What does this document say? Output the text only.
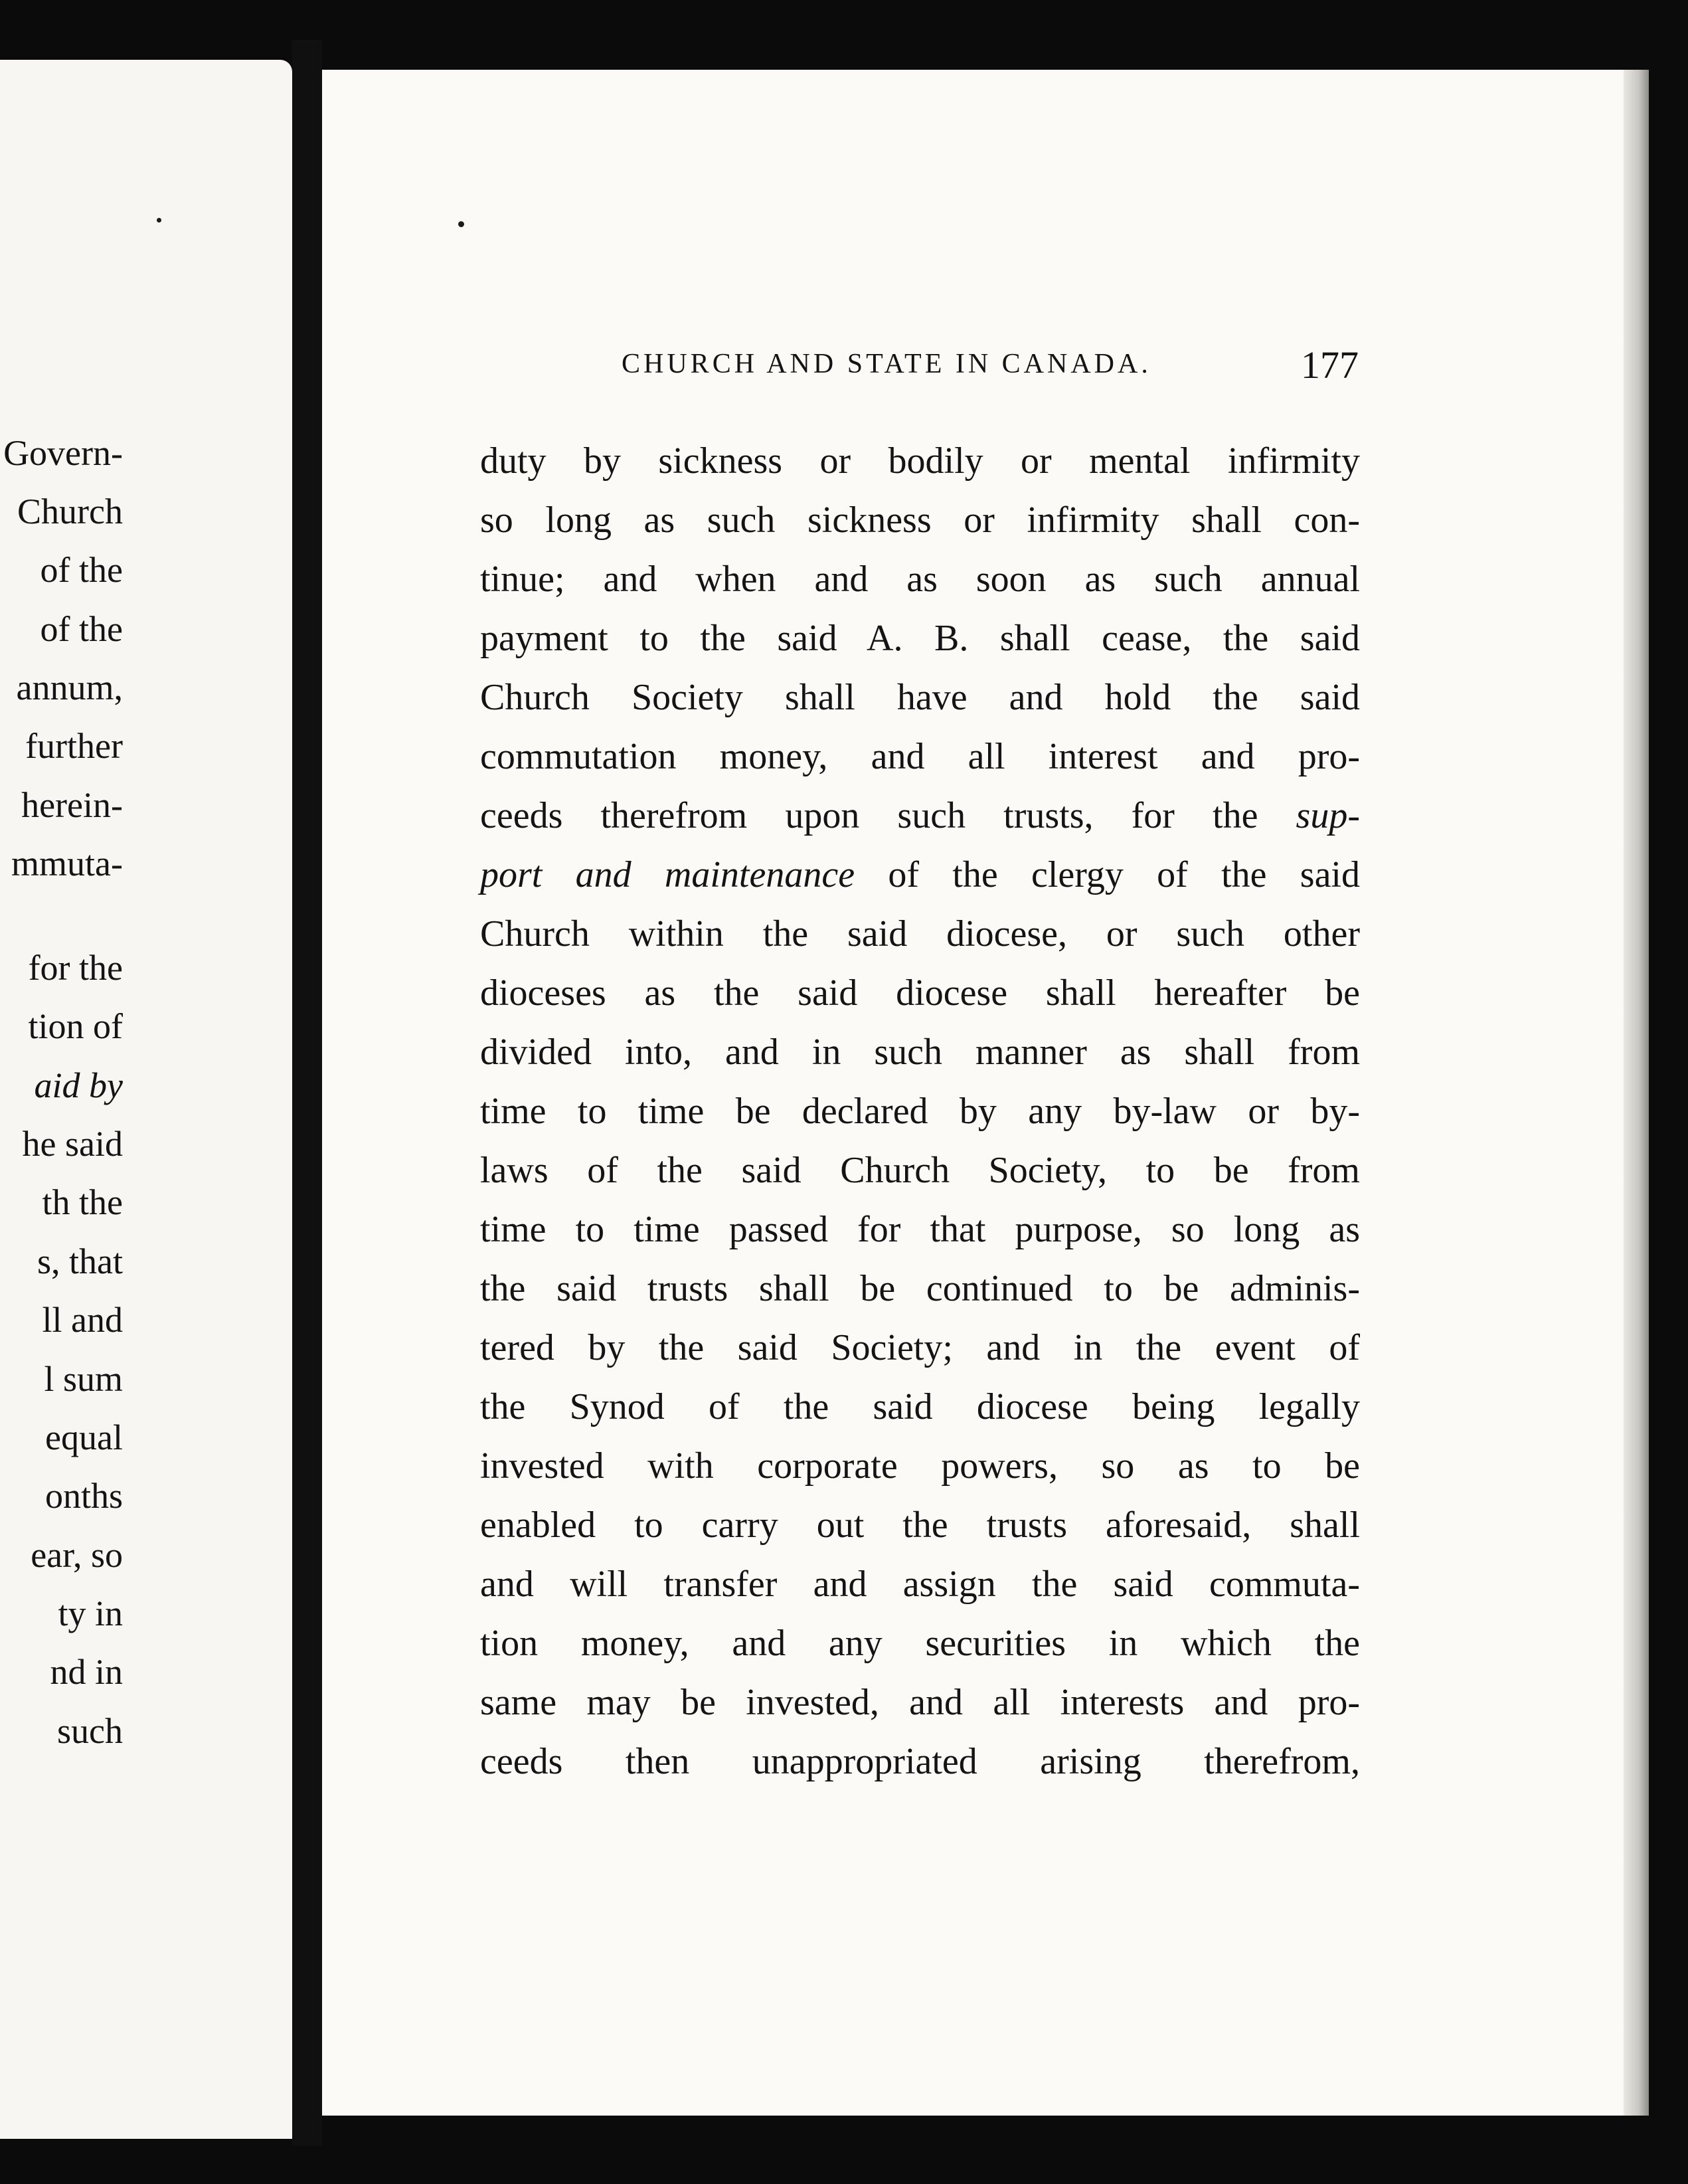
Govern-
Church
of the
of the
annum,
further
herein-
mmuta-
for the
tion of
aid by
he said
th the
s, that
ll and
l sum
equal
onths
ear, so
ty in
nd in
such
CHURCH AND STATE IN CANADA.	177
duty by sickness or bodily or mental infirmity
so long as such sickness or infirmity shall con-
tinue; and when and as soon as such annual
payment to the said A. B. shall cease, the said
Church Society shall have and hold the said
commutation money, and all interest and pro-
ceeds therefrom upon such trusts, for the sup-
port and maintenance of the clergy of the said
Church within the said diocese, or such other
dioceses as the said diocese shall hereafter be
divided into, and in such manner as shall from
time to time be declared by any by-law or by-
laws of the said Church Society, to be from
time to time passed for that purpose, so long as
the said trusts shall be continued to be adminis-
tered by the said Society; and in the event of
the Synod of the said diocese being legally
invested with corporate powers, so as to be
enabled to carry out the trusts aforesaid, shall
and will transfer and assign the said commuta-
tion money, and any securities in which the
same may be invested, and all interests and pro-
ceeds then unappropriated arising therefrom,
